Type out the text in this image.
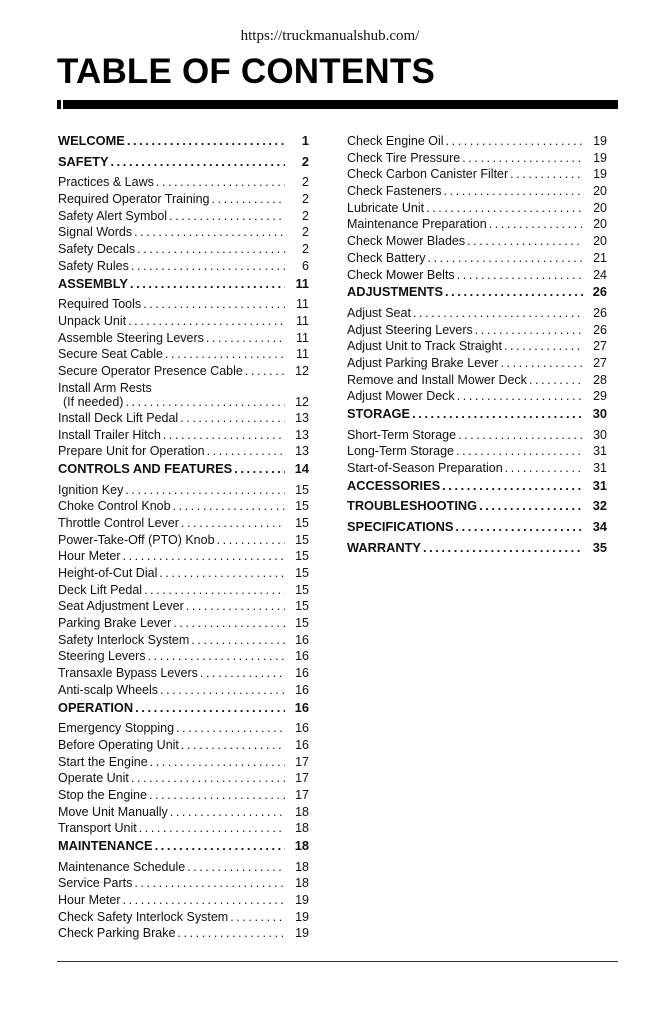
https://truckmanualshub.com/
TABLE OF CONTENTS
WELCOME .....	1
SAFETY .....	2
Practices & Laws .....	2
Required Operator Training .....	2
Safety Alert Symbol .....	2
Signal Words .....	2
Safety Decals .....	2
Safety Rules .....	6
ASSEMBLY .....	11
Required Tools .....	11
Unpack Unit .....	11
Assemble Steering Levers .....	11
Secure Seat Cable .....	11
Secure Operator Presence Cable .....	12
Install Arm Rests
(If needed) .....	12
Install Deck Lift Pedal .....	13
Install Trailer Hitch .....	13
Prepare Unit for Operation .....	13
CONTROLS AND FEATURES .....	14
Ignition Key .....	15
Choke Control Knob .....	15
Throttle Control Lever .....	15
Power-Take-Off (PTO) Knob .....	15
Hour Meter .....	15
Height-of-Cut Dial .....	15
Deck Lift Pedal .....	15
Seat Adjustment Lever .....	15
Parking Brake Lever .....	15
Safety Interlock System .....	16
Steering Levers .....	16
Transaxle Bypass Levers .....	16
Anti-scalp Wheels .....	16
OPERATION .....	16
Emergency Stopping .....	16
Before Operating Unit .....	16
Start the Engine .....	17
Operate Unit .....	17
Stop the Engine .....	17
Move Unit Manually .....	18
Transport Unit .....	18
MAINTENANCE .....	18
Maintenance Schedule .....	18
Service Parts .....	18
Hour Meter .....	19
Check Safety Interlock System .....	19
Check Parking Brake .....	19
Check Engine Oil .....	19
Check Tire Pressure .....	19
Check Carbon Canister Filter .....	19
Check Fasteners .....	20
Lubricate Unit .....	20
Maintenance Preparation .....	20
Check Mower Blades .....	20
Check Battery .....	21
Check Mower Belts .....	24
ADJUSTMENTS .....	26
Adjust Seat .....	26
Adjust Steering Levers .....	26
Adjust Unit to Track Straight .....	27
Adjust Parking Brake Lever .....	27
Remove and Install Mower Deck .....	28
Adjust Mower Deck .....	29
STORAGE .....	30
Short-Term Storage .....	30
Long-Term Storage .....	31
Start-of-Season Preparation .....	31
ACCESSORIES .....	31
TROUBLESHOOTING .....	32
SPECIFICATIONS .....	34
WARRANTY .....	35
